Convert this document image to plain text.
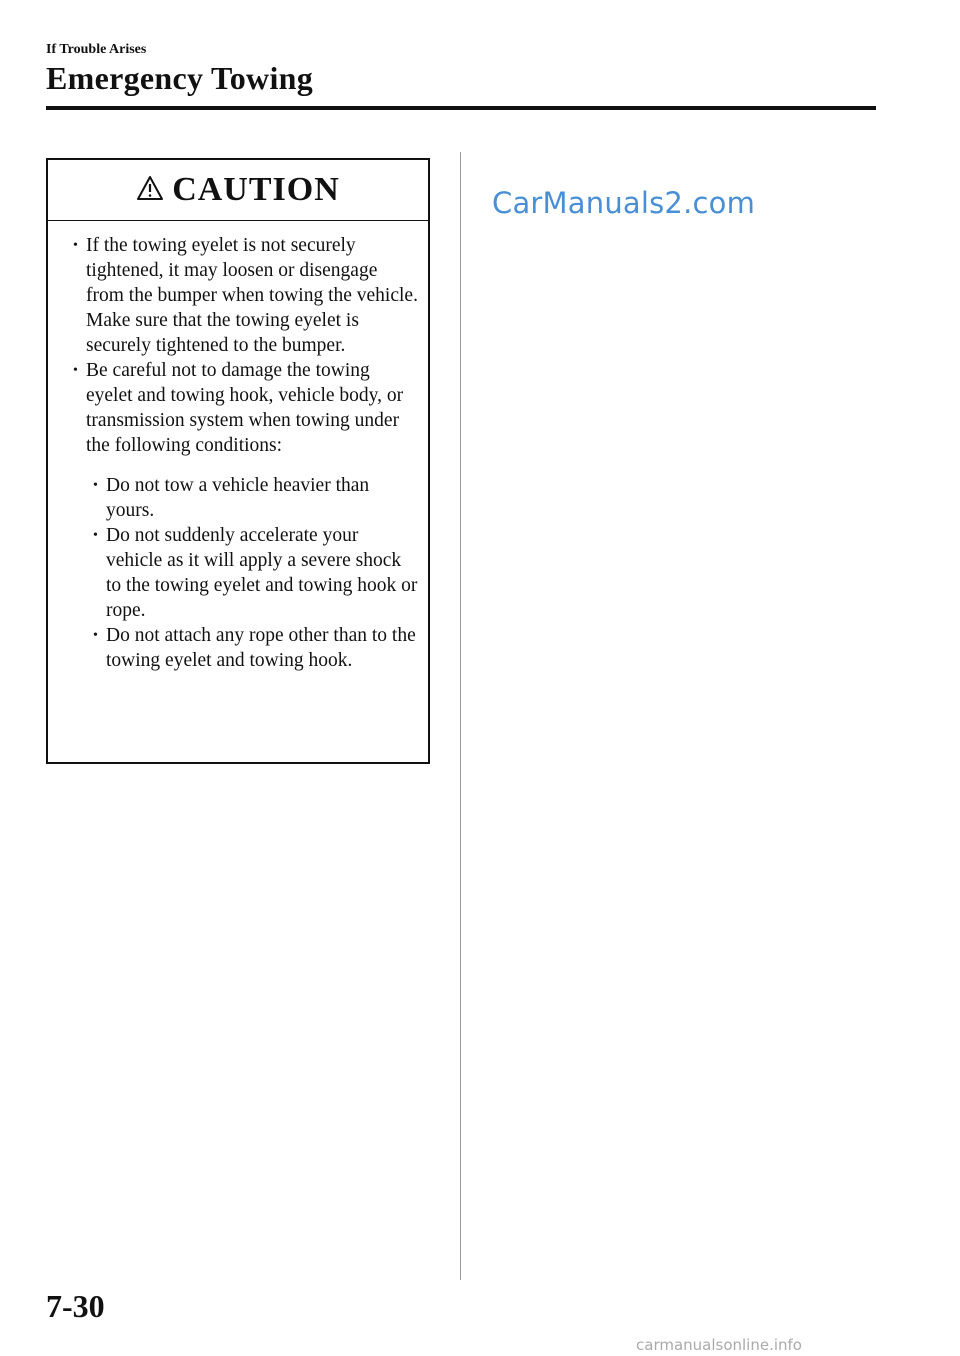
If Trouble Arises
Emergency Towing
CAUTION
• If the towing eyelet is not securely tightened, it may loosen or disengage from the bumper when towing the vehicle. Make sure that the towing eyelet is securely tightened to the bumper.
• Be careful not to damage the towing eyelet and towing hook, vehicle body, or transmission system when towing under the following conditions:
• Do not tow a vehicle heavier than yours.
• Do not suddenly accelerate your vehicle as it will apply a severe shock to the towing eyelet and towing hook or rope.
• Do not attach any rope other than to the towing eyelet and towing hook.
CarManuals2.com
7-30
carmanualsonline.info
